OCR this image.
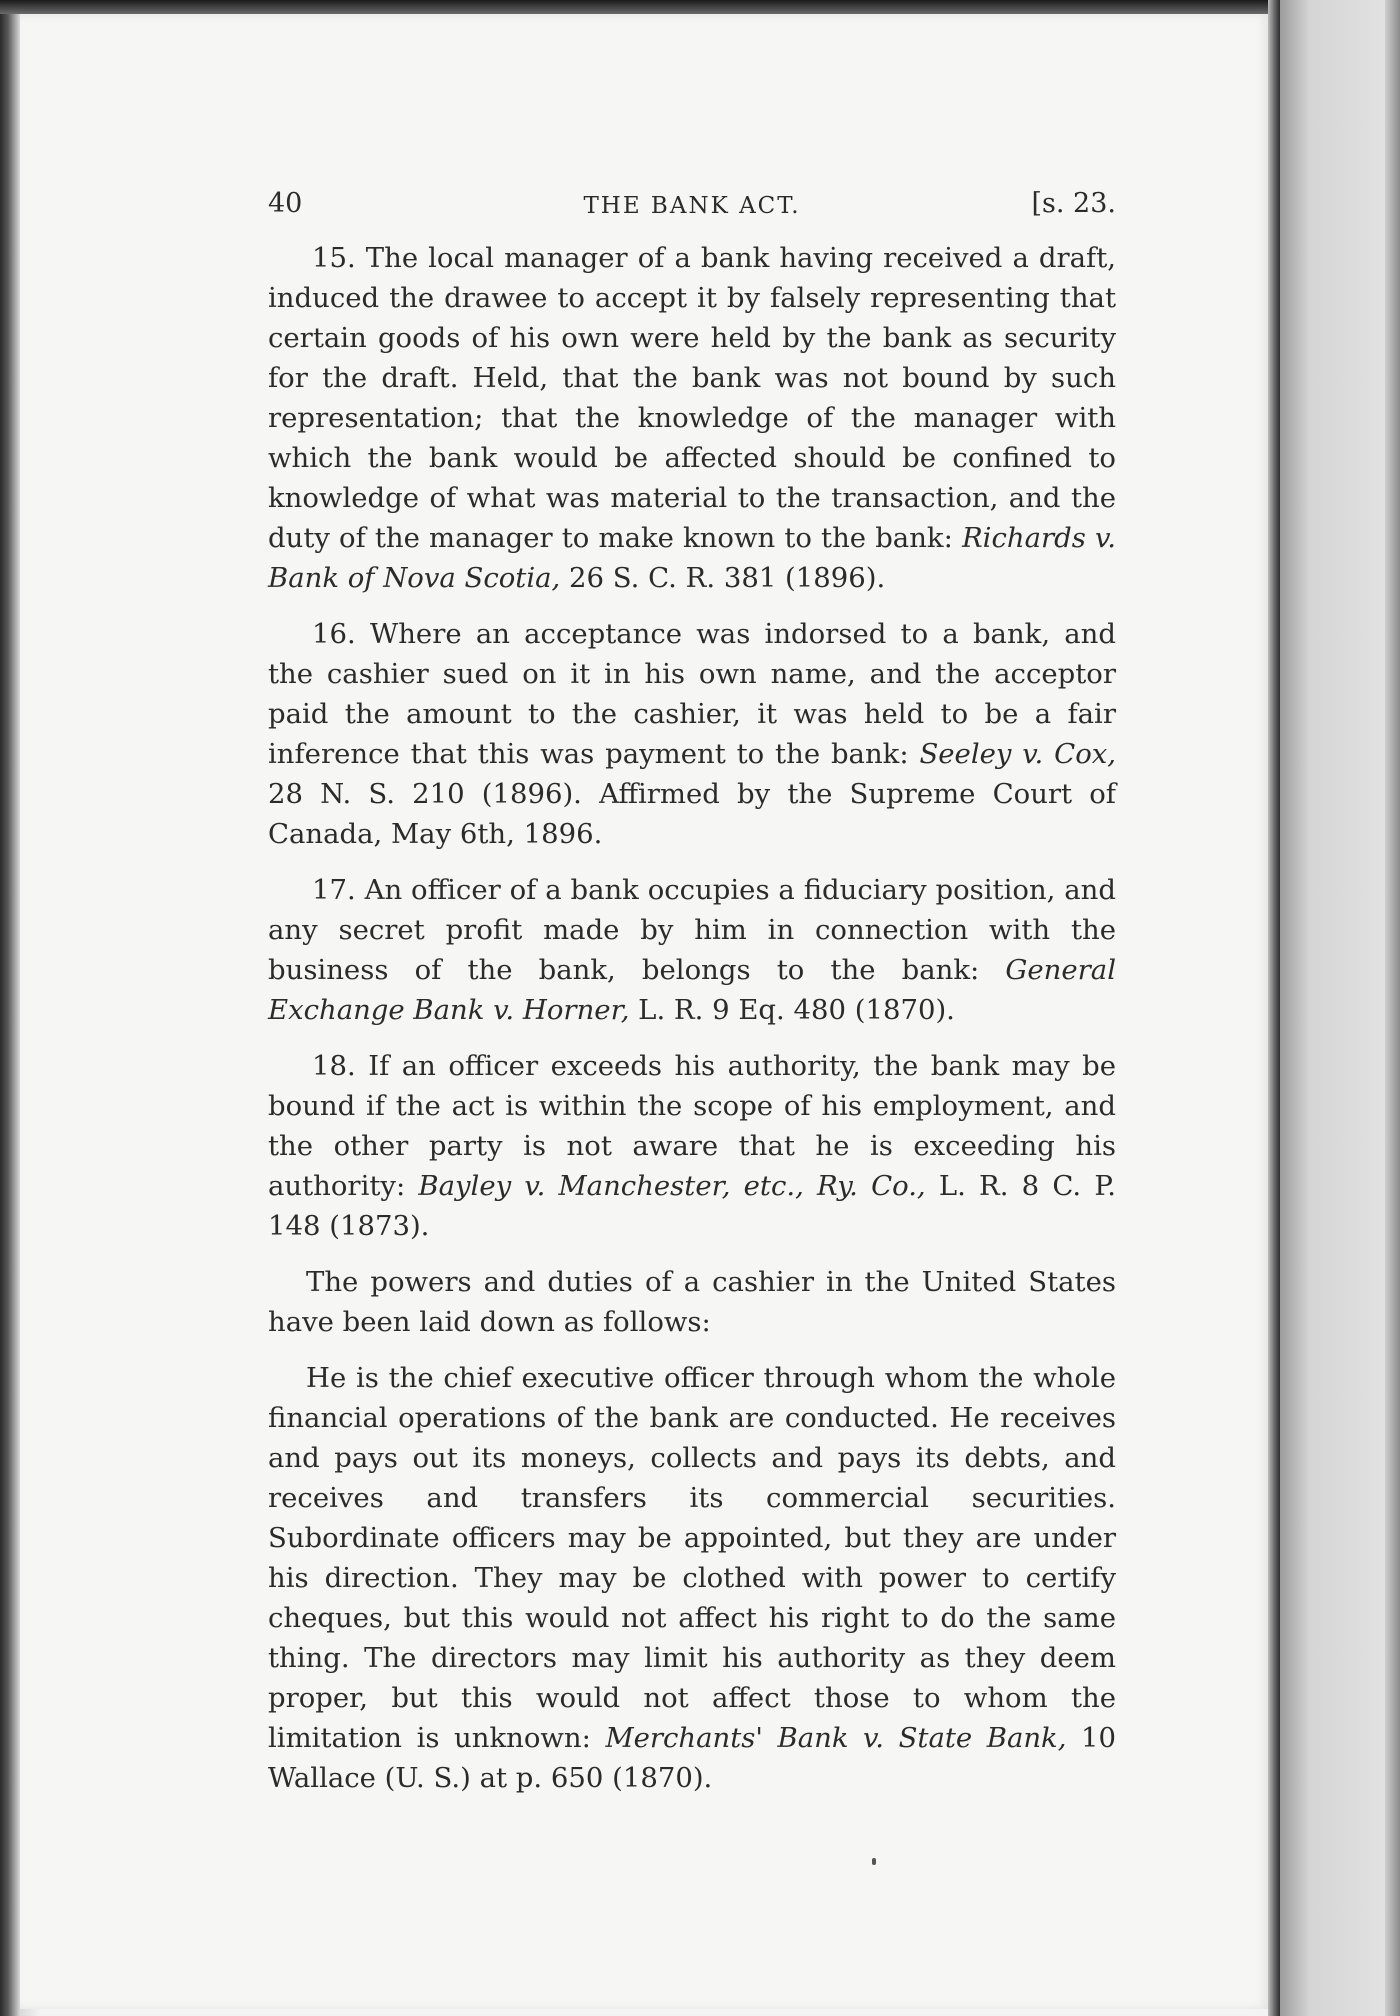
40	THE BANK ACT.	[s. 23.

15. The local manager of a bank having received a draft, induced the drawee to accept it by falsely representing that certain goods of his own were held by the bank as security for the draft. Held, that the bank was not bound by such representation; that the knowledge of the manager with which the bank would be affected should be confined to knowledge of what was material to the transaction, and the duty of the manager to make known to the bank: Richards v. Bank of Nova Scotia, 26 S. C. R. 381 (1896).

16. Where an acceptance was indorsed to a bank, and the cashier sued on it in his own name, and the acceptor paid the amount to the cashier, it was held to be a fair inference that this was payment to the bank: Seeley v. Cox, 28 N. S. 210 (1896). Affirmed by the Supreme Court of Canada, May 6th, 1896.

17. An officer of a bank occupies a fiduciary position, and any secret profit made by him in connection with the business of the bank, belongs to the bank: General Exchange Bank v. Horner, L. R. 9 Eq. 480 (1870).

18. If an officer exceeds his authority, the bank may be bound if the act is within the scope of his employment, and the other party is not aware that he is exceeding his authority: Bayley v. Manchester, etc., Ry. Co., L. R. 8 C. P. 148 (1873).

The powers and duties of a cashier in the United States have been laid down as follows:

He is the chief executive officer through whom the whole financial operations of the bank are conducted. He receives and pays out its moneys, collects and pays its debts, and receives and transfers its commercial securities. Subordinate officers may be appointed, but they are under his direction. They may be clothed with power to certify cheques, but this would not affect his right to do the same thing. The directors may limit his authority as they deem proper, but this would not affect those to whom the limitation is unknown: Merchants' Bank v. State Bank, 10 Wallace (U. S.) at p. 650 (1870).
